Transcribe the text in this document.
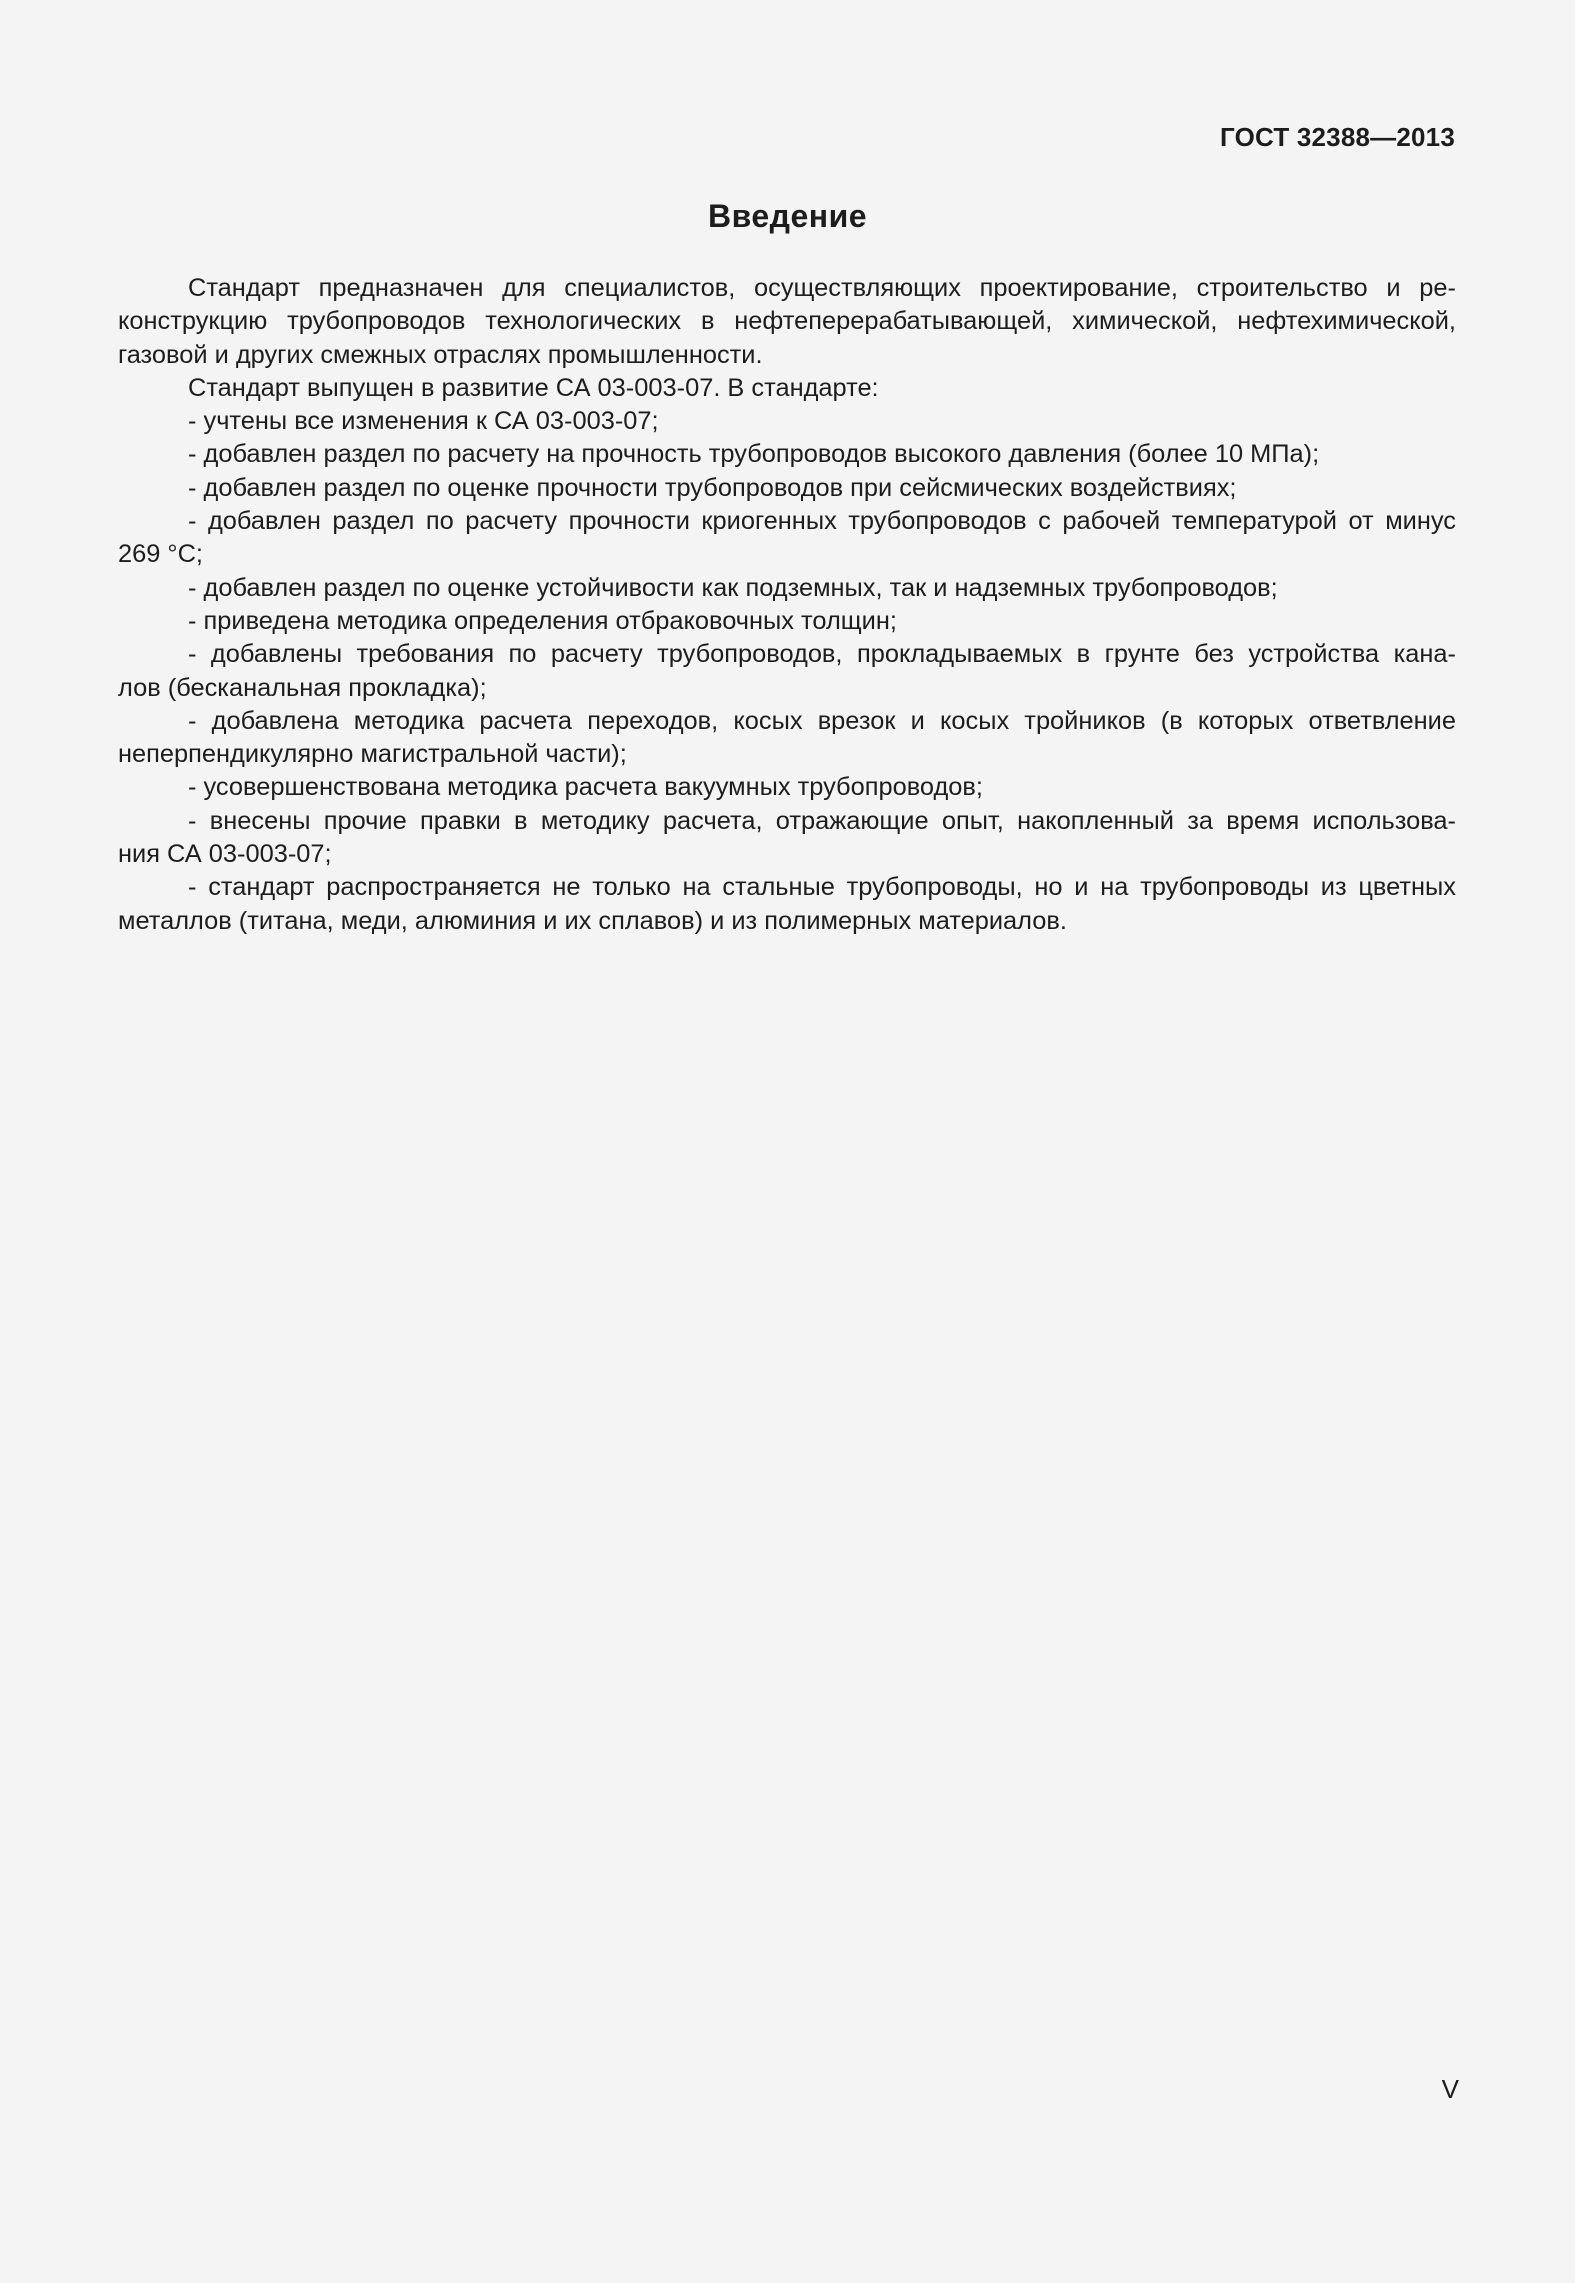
ГОСТ 32388—2013
Введение
Стандарт предназначен для специалистов, осуществляющих проектирование, строительство и ре-
конструкцию трубопроводов технологических в нефтеперерабатывающей, химической, нефтехимической,
газовой и других смежных отраслях промышленности.
Стандарт выпущен в развитие СА 03-003-07. В стандарте:
- учтены все изменения к СА 03-003-07;
- добавлен раздел по расчету на прочность трубопроводов высокого давления (более 10 МПа);
- добавлен раздел по оценке прочности трубопроводов при сейсмических воздействиях;
- добавлен раздел по расчету прочности криогенных трубопроводов с рабочей температурой от минус
269 °С;
- добавлен раздел по оценке устойчивости как подземных, так и надземных трубопроводов;
- приведена методика определения отбраковочных толщин;
- добавлены требования по расчету трубопроводов, прокладываемых в грунте без устройства кана-
лов (бесканальная прокладка);
- добавлена методика расчета переходов, косых врезок и косых тройников (в которых ответвление
неперпендикулярно магистральной части);
- усовершенствована методика расчета вакуумных трубопроводов;
- внесены прочие правки в методику расчета, отражающие опыт, накопленный за время использова-
ния СА 03-003-07;
- стандарт распространяется не только на стальные трубопроводы, но и на трубопроводы из цветных
металлов (титана, меди, алюминия и их сплавов) и из полимерных материалов.
V
